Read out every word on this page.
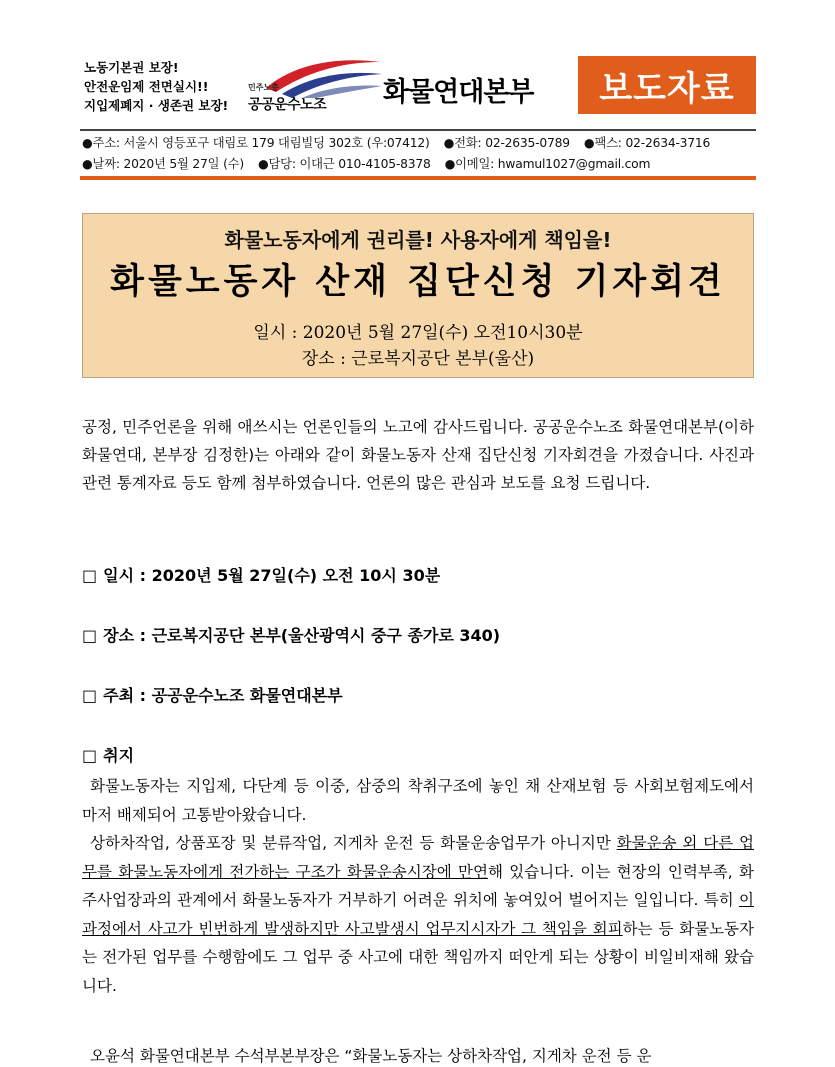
노동기본권 보장!
안전운임제 전면실시!!
지입제폐지 · 생존권 보장!
민주노총
공공운수노조 화물연대본부	보도자료
●주소: 서울시 영등포구 대림로 179 대림빌딩 302호 (우:07412) ●전화: 02-2635-0789 ●팩스: 02-2634-3716
●날짜: 2020년 5월 27일 (수) ●담당: 이대근 010-4105-8378 ●이메일: hwamul1027@gmail.com
화물노동자에게 권리를! 사용자에게 책임을!
화물노동자 산재 집단신청 기자회견
일시 : 2020년 5월 27일(수) 오전10시30분
장소 : 근로복지공단 본부(울산)
공정, 민주언론을 위해 애쓰시는 언론인들의 노고에 감사드립니다. 공공운수노조 화물연대본부(이하 화물연대, 본부장 김정한)는 아래와 같이 화물노동자 산재 집단신청 기자회견을 가졌습니다. 사진과 관련 통계자료 등도 함께 첨부하였습니다. 언론의 많은 관심과 보도를 요청 드립니다.
□ 일시 : 2020년 5월 27일(수) 오전 10시 30분
□ 장소 : 근로복지공단 본부(울산광역시 중구 종가로 340)
□ 주최 : 공공운수노조 화물연대본부
□ 취지
화물노동자는 지입제, 다단계 등 이중, 삼중의 착취구조에 놓인 채 산재보험 등 사회보험제도에서 마저 배제되어 고통받아왔습니다.
상하차작업, 상품포장 및 분류작업, 지게차 운전 등 화물운송업무가 아니지만 화물운송 외 다른 업무를 화물노동자에게 전가하는 구조가 화물운송시장에 만연해 있습니다. 이는 현장의 인력부족, 화주사업장과의 관계에서 화물노동자가 거부하기 어려운 위치에 놓여있어 벌어지는 일입니다. 특히 이 과정에서 사고가 빈번하게 발생하지만 사고발생시 업무지시자가 그 책임을 회피하는 등 화물노동자는 전가된 업무를 수행함에도 그 업무 중 사고에 대한 책임까지 떠안게 되는 상황이 비일비재해 왔습니다.
오윤석 화물연대본부 수석부본부장은 “화물노동자는 상하차작업, 지게차 운전 등 운
